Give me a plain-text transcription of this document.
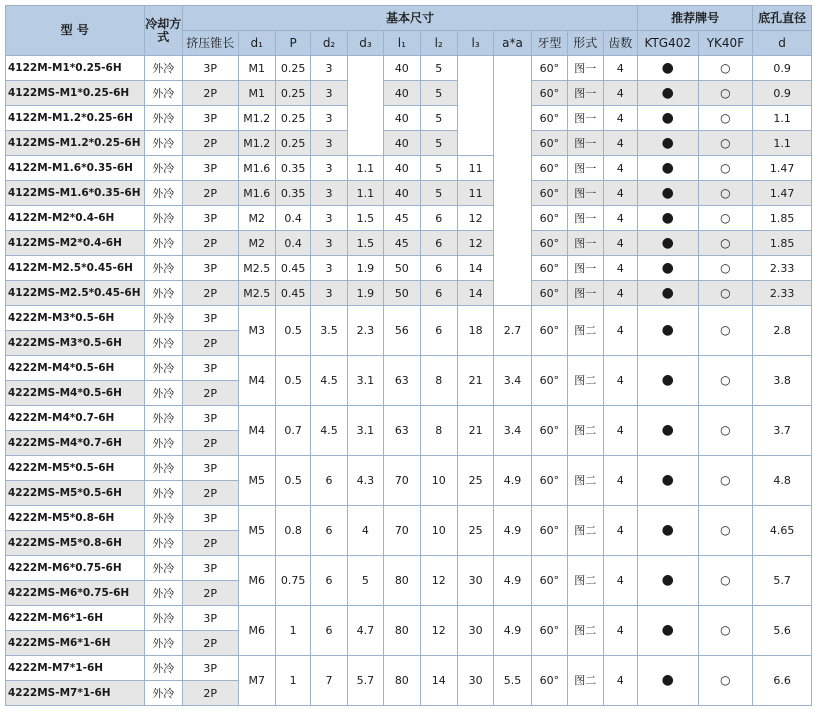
型 号	冷却方式	基本尺寸												推荐牌号		底孔直径
		挤压锥长	d₁	P	d₂	d₃	l₁	l₂	l₃	a*a	牙型	形式	齿数	KTG402	YK40F	d
4122M-M1*0.25-6H	外冷	3P	M1	0.25	3		40	5			60°	图一	4	●	○	0.9
4122MS-M1*0.25-6H	外冷	2P	M1	0.25	3		40	5			60°	图一	4	●	○	0.9
4122M-M1.2*0.25-6H	外冷	3P	M1.2	0.25	3		40	5			60°	图一	4	●	○	1.1
4122MS-M1.2*0.25-6H	外冷	2P	M1.2	0.25	3		40	5			60°	图一	4	●	○	1.1
4122M-M1.6*0.35-6H	外冷	3P	M1.6	0.35	3	1.1	40	5	11		60°	图一	4	●	○	1.47
4122MS-M1.6*0.35-6H	外冷	2P	M1.6	0.35	3	1.1	40	5	11		60°	图一	4	●	○	1.47
4122M-M2*0.4-6H	外冷	3P	M2	0.4	3	1.5	45	6	12		60°	图一	4	●	○	1.85
4122MS-M2*0.4-6H	外冷	2P	M2	0.4	3	1.5	45	6	12		60°	图一	4	●	○	1.85
4122M-M2.5*0.45-6H	外冷	3P	M2.5	0.45	3	1.9	50	6	14		60°	图一	4	●	○	2.33
4122MS-M2.5*0.45-6H	外冷	2P	M2.5	0.45	3	1.9	50	6	14		60°	图一	4	●	○	2.33
4222M-M3*0.5-6H	外冷	3P	M3	0.5	3.5	2.3	56	6	18	2.7	60°	图二	4	●	○	2.8
4222MS-M3*0.5-6H	外冷	2P														
4222M-M4*0.5-6H	外冷	3P	M4	0.5	4.5	3.1	63	8	21	3.4	60°	图二	4	●	○	3.8
4222MS-M4*0.5-6H	外冷	2P														
4222M-M4*0.7-6H	外冷	3P	M4	0.7	4.5	3.1	63	8	21	3.4	60°	图二	4	●	○	3.7
4222MS-M4*0.7-6H	外冷	2P														
4222M-M5*0.5-6H	外冷	3P	M5	0.5	6	4.3	70	10	25	4.9	60°	图二	4	●	○	4.8
4222MS-M5*0.5-6H	外冷	2P														
4222M-M5*0.8-6H	外冷	3P	M5	0.8	6	4	70	10	25	4.9	60°	图二	4	●	○	4.65
4222MS-M5*0.8-6H	外冷	2P														
4222M-M6*0.75-6H	外冷	3P	M6	0.75	6	5	80	12	30	4.9	60°	图二	4	●	○	5.7
4222MS-M6*0.75-6H	外冷	2P														
4222M-M6*1-6H	外冷	3P	M6	1	6	4.7	80	12	30	4.9	60°	图二	4	●	○	5.6
4222MS-M6*1-6H	外冷	2P														
4222M-M7*1-6H	外冷	3P	M7	1	7	5.7	80	14	30	5.5	60°	图二	4	●	○	6.6
4222MS-M7*1-6H	外冷	2P														
